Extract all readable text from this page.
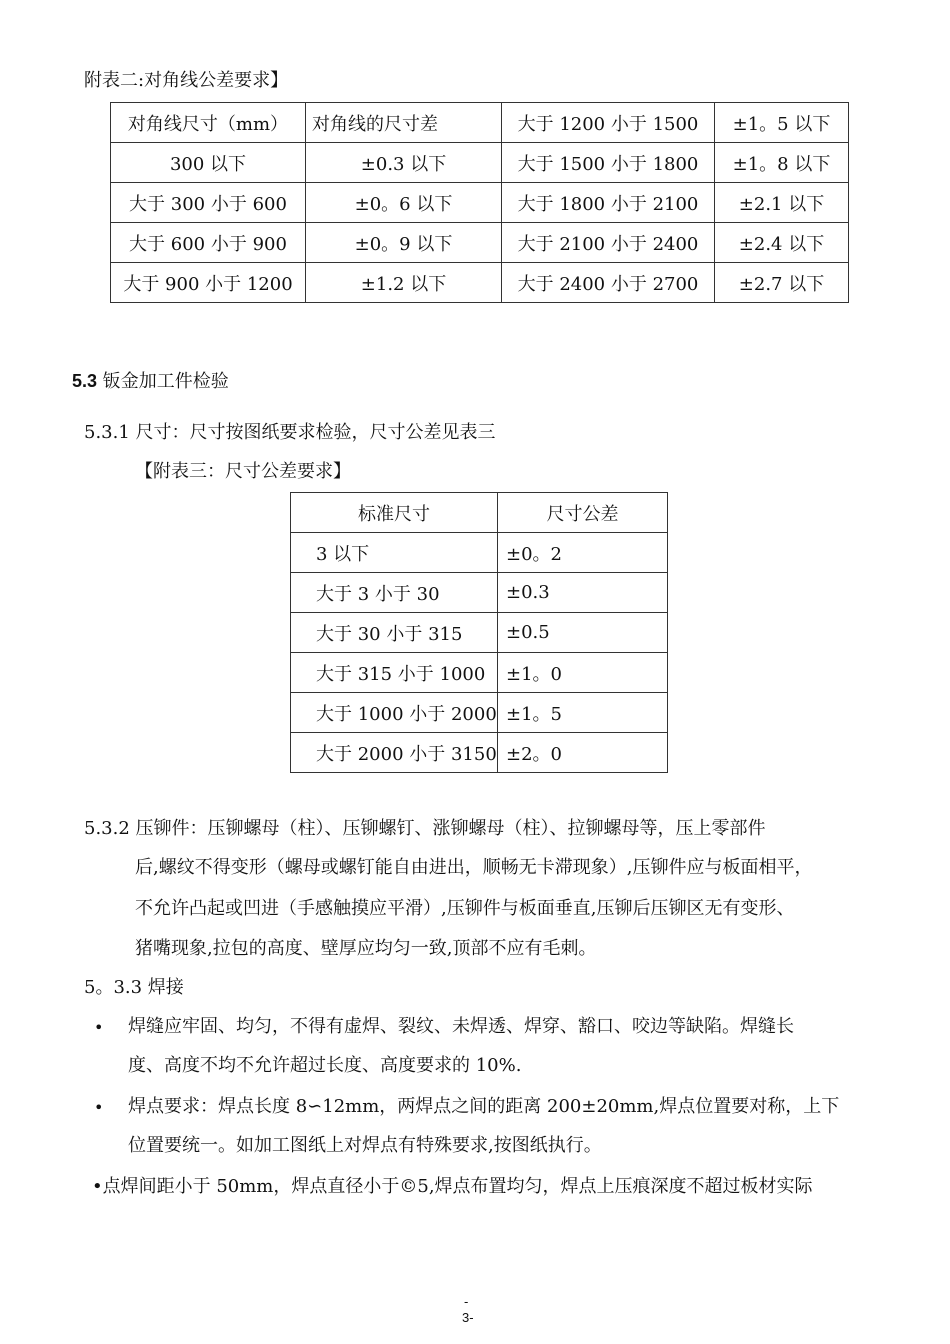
附表二:对角线公差要求】
对角线尺寸（mm）	对角线的尺寸差	大于 1200 小于 1500	±1。5 以下
300 以下	±0.3 以下	大于 1500 小于 1800	±1。8 以下
大于 300 小于 600	±0。6 以下	大于 1800 小于 2100	±2.1 以下
大于 600 小于 900	±0。9 以下	大于 2100 小于 2400	±2.4 以下
大于 900 小于 1200	±1.2 以下	大于 2400 小于 2700	±2.7 以下
5.3 钣金加工件检验
5.3.1 尺寸：尺寸按图纸要求检验，尺寸公差见表三
【附表三：尺寸公差要求】
标准尺寸	尺寸公差
3 以下	±0。2
大于 3 小于 30	±0.3
大于 30 小于 315	±0.5
大于 315 小于 1000	±1。0
大于 1000 小于 2000	±1。5
大于 2000 小于 3150	±2。0
5.3.2 压铆件：压铆螺母（柱）、压铆螺钉、涨铆螺母（柱）、拉铆螺母等，压上零部件
后,螺纹不得变形（螺母或螺钉能自由进出，顺畅无卡滞现象）,压铆件应与板面相平，
不允许凸起或凹进（手感触摸应平滑）,压铆件与板面垂直,压铆后压铆区无有变形、
猪嘴现象,拉包的高度、壁厚应均匀一致,顶部不应有毛刺。
5。3.3 焊接
• 焊缝应牢固、均匀，不得有虚焊、裂纹、未焊透、焊穿、豁口、咬边等缺陷。焊缝长
度、高度不均不允许超过长度、高度要求的 10%.
• 焊点要求：焊点长度 8∽12mm，两焊点之间的距离 200±20mm,焊点位置要对称，上下
位置要统一。如加工图纸上对焊点有特殊要求,按图纸执行。
•点焊间距小于 50mm，焊点直径小于©5,焊点布置均匀，焊点上压痕深度不超过板材实际
-
3-
